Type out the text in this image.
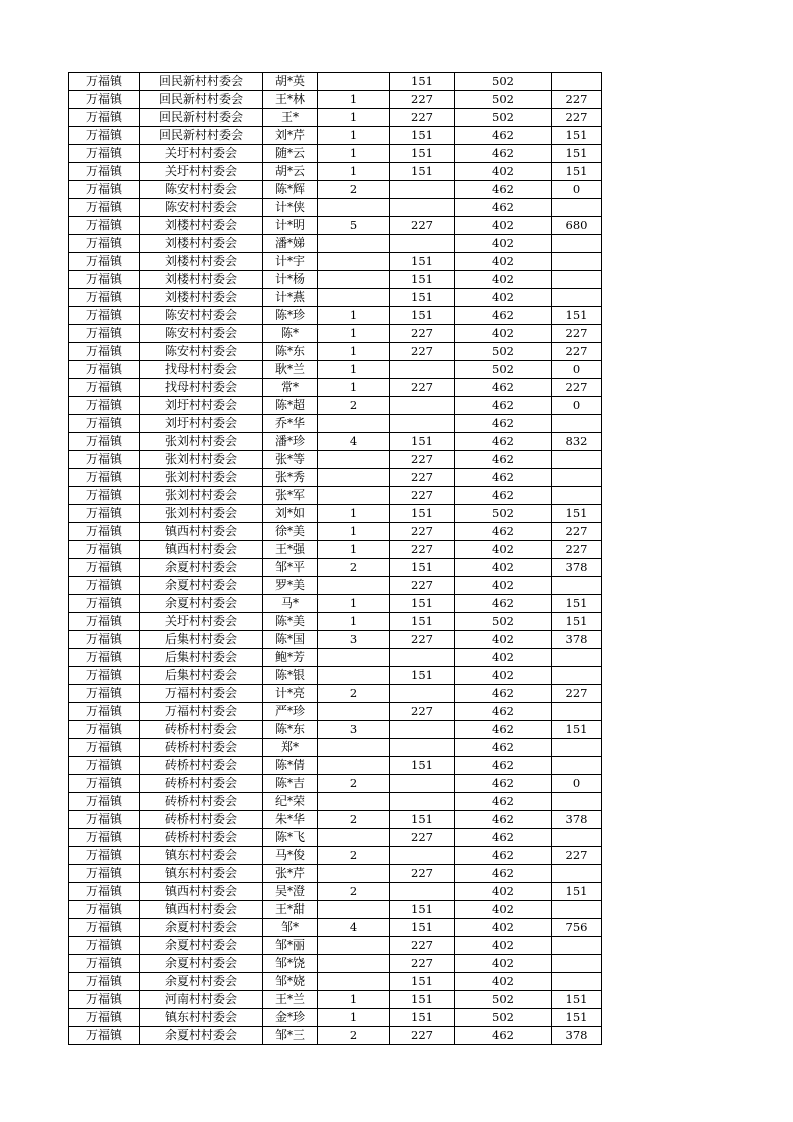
万福镇	回民新村村委会	胡*英		151	502	
万福镇	回民新村村委会	王*林	1	227	502	227
万福镇	回民新村村委会	王*	1	227	502	227
万福镇	回民新村村委会	刘*芹	1	151	462	151
万福镇	关圩村村委会	随*云	1	151	462	151
万福镇	关圩村村委会	胡*云	1	151	402	151
万福镇	陈安村村委会	陈*辉	2		462	0
万福镇	陈安村村委会	计*侠			462	
万福镇	刘楼村村委会	计*明	5	227	402	680
万福镇	刘楼村村委会	潘*娣			402	
万福镇	刘楼村村委会	计*宇		151	402	
万福镇	刘楼村村委会	计*杨		151	402	
万福镇	刘楼村村委会	计*燕		151	402	
万福镇	陈安村村委会	陈*珍	1	151	462	151
万福镇	陈安村村委会	陈*	1	227	402	227
万福镇	陈安村村委会	陈*东	1	227	502	227
万福镇	找母村村委会	耿*兰	1		502	0
万福镇	找母村村委会	常*	1	227	462	227
万福镇	刘圩村村委会	陈*超	2		462	0
万福镇	刘圩村村委会	乔*华			462	
万福镇	张刘村村委会	潘*珍	4	151	462	832
万福镇	张刘村村委会	张*等		227	462	
万福镇	张刘村村委会	张*秀		227	462	
万福镇	张刘村村委会	张*军		227	462	
万福镇	张刘村村委会	刘*如	1	151	502	151
万福镇	镇西村村委会	徐*美	1	227	462	227
万福镇	镇西村村委会	王*强	1	227	402	227
万福镇	余夏村村委会	邹*平	2	151	402	378
万福镇	余夏村村委会	罗*美		227	402	
万福镇	余夏村村委会	马*	1	151	462	151
万福镇	关圩村村委会	陈*美	1	151	502	151
万福镇	后集村村委会	陈*国	3	227	402	378
万福镇	后集村村委会	鲍*芳			402	
万福镇	后集村村委会	陈*银		151	402	
万福镇	万福村村委会	计*亮	2		462	227
万福镇	万福村村委会	严*珍		227	462	
万福镇	砖桥村村委会	陈*东	3		462	151
万福镇	砖桥村村委会	郑*			462	
万福镇	砖桥村村委会	陈*倩		151	462	
万福镇	砖桥村村委会	陈*吉	2		462	0
万福镇	砖桥村村委会	纪*荣			462	
万福镇	砖桥村村委会	朱*华	2	151	462	378
万福镇	砖桥村村委会	陈*飞		227	462	
万福镇	镇东村村委会	马*俊	2		462	227
万福镇	镇东村村委会	张*芹		227	462	
万福镇	镇西村村委会	吴*澄	2		402	151
万福镇	镇西村村委会	王*甜		151	402	
万福镇	余夏村村委会	邹*	4	151	402	756
万福镇	余夏村村委会	邹*丽		227	402	
万福镇	余夏村村委会	邹*饶		227	402	
万福镇	余夏村村委会	邹*娆		151	402	
万福镇	河南村村委会	王*兰	1	151	502	151
万福镇	镇东村村委会	金*珍	1	151	502	151
万福镇	余夏村村委会	邹*三	2	227	462	378
